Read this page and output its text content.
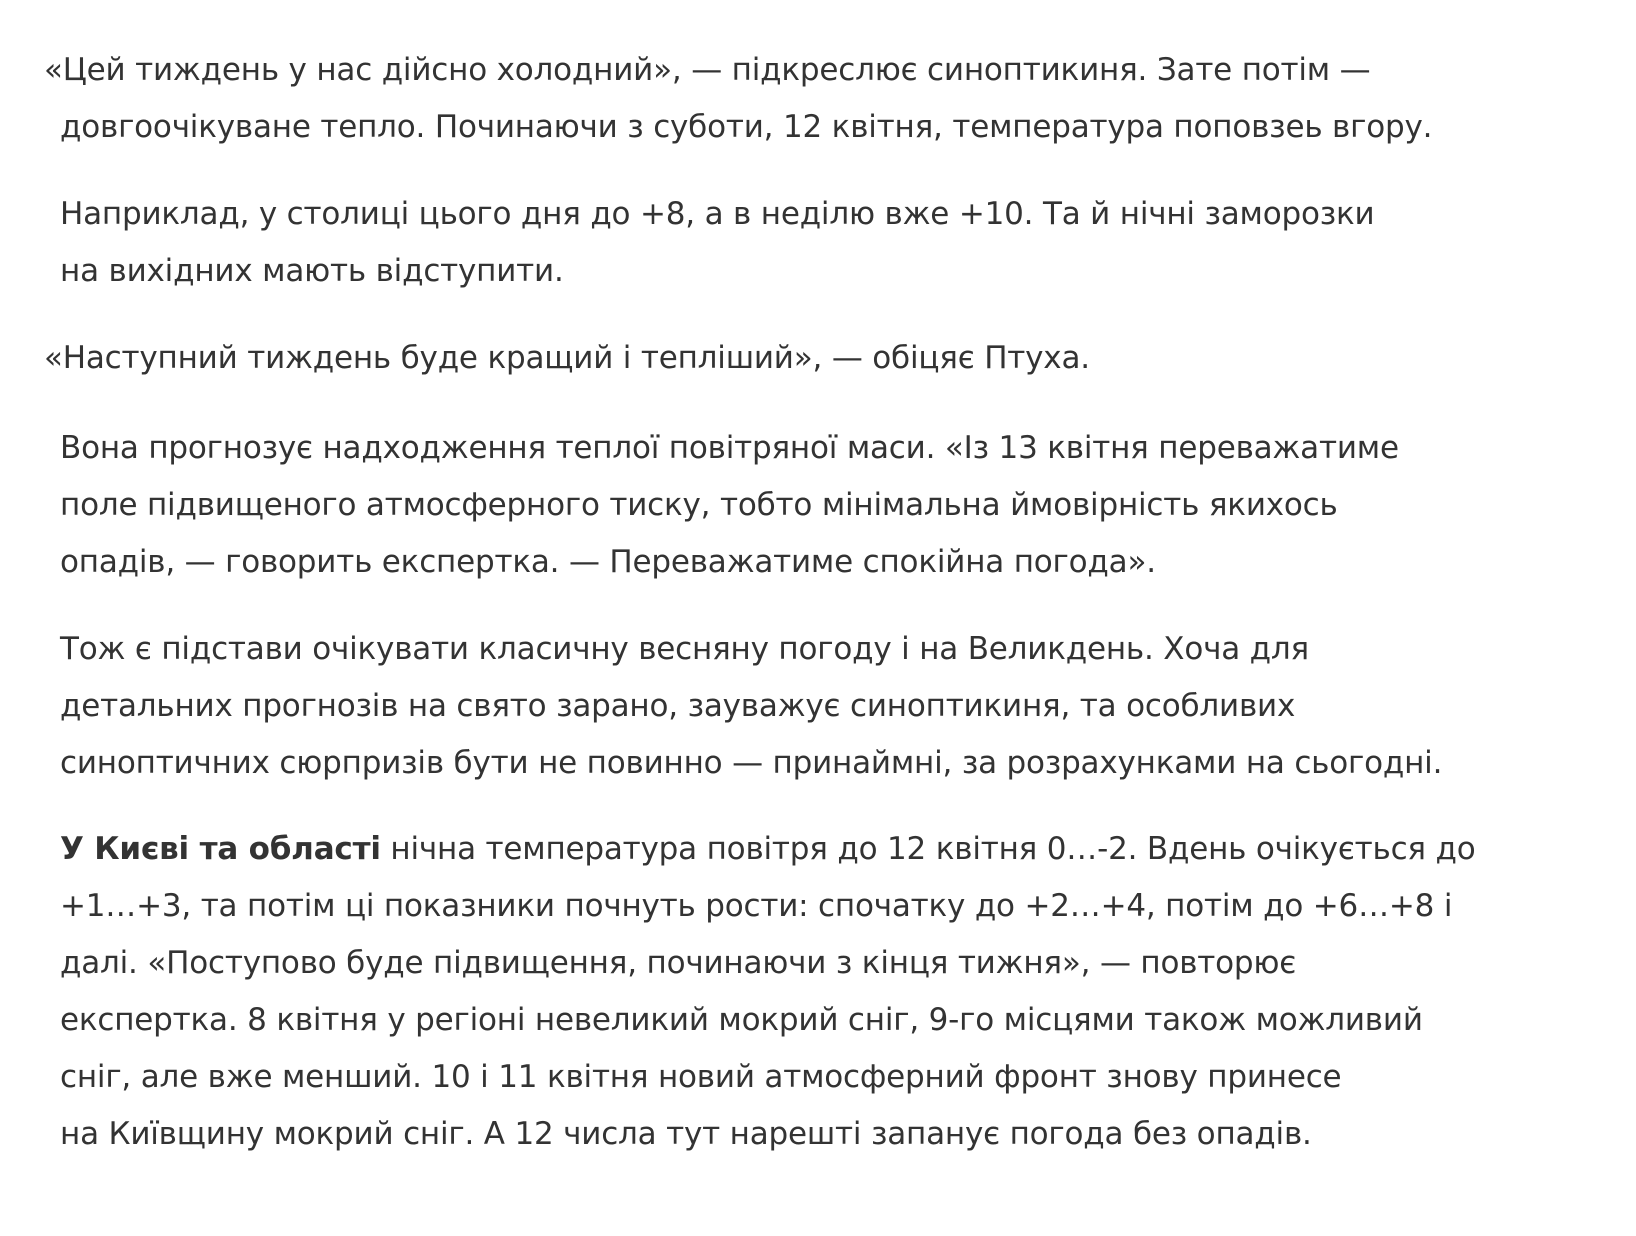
«Цей тиждень у нас дійсно холодний», — підкреслює синоптикиня. Зате потім —
довгоочікуване тепло. Починаючи з суботи, 12 квітня, температура поповзеь вгору.

Наприклад, у столиці цього дня до +8, а в неділю вже +10. Та й нічні заморозки
на вихідних мають відступити.

«Наступний тиждень буде кращий і тепліший», — обіцяє Птуха.

Вона прогнозує надходження теплої повітряної маси. «Із 13 квітня переважатиме
поле підвищеного атмосферного тиску, тобто мінімальна ймовірність якихось
опадів, — говорить експертка. — Переважатиме спокійна погода».

Тож є підстави очікувати класичну весняну погоду і на Великдень. Хоча для
детальних прогнозів на свято зарано, зауважує синоптикиня, та особливих
синоптичних сюрпризів бути не повинно — принаймні, за розрахунками на сьогодні.

У Києві та області нічна температура повітря до 12 квітня 0…-2. Вдень очікується до
+1…+3, та потім ці показники почнуть рости: спочатку до +2…+4, потім до +6…+8 і
далі. «Поступово буде підвищення, починаючи з кінця тижня», — повторює
експертка. 8 квітня у регіоні невеликий мокрий сніг, 9-го місцями також можливий
сніг, але вже менший. 10 і 11 квітня новий атмосферний фронт знову принесе
на Київщину мокрий сніг. А 12 числа тут нарешті запанує погода без опадів.
